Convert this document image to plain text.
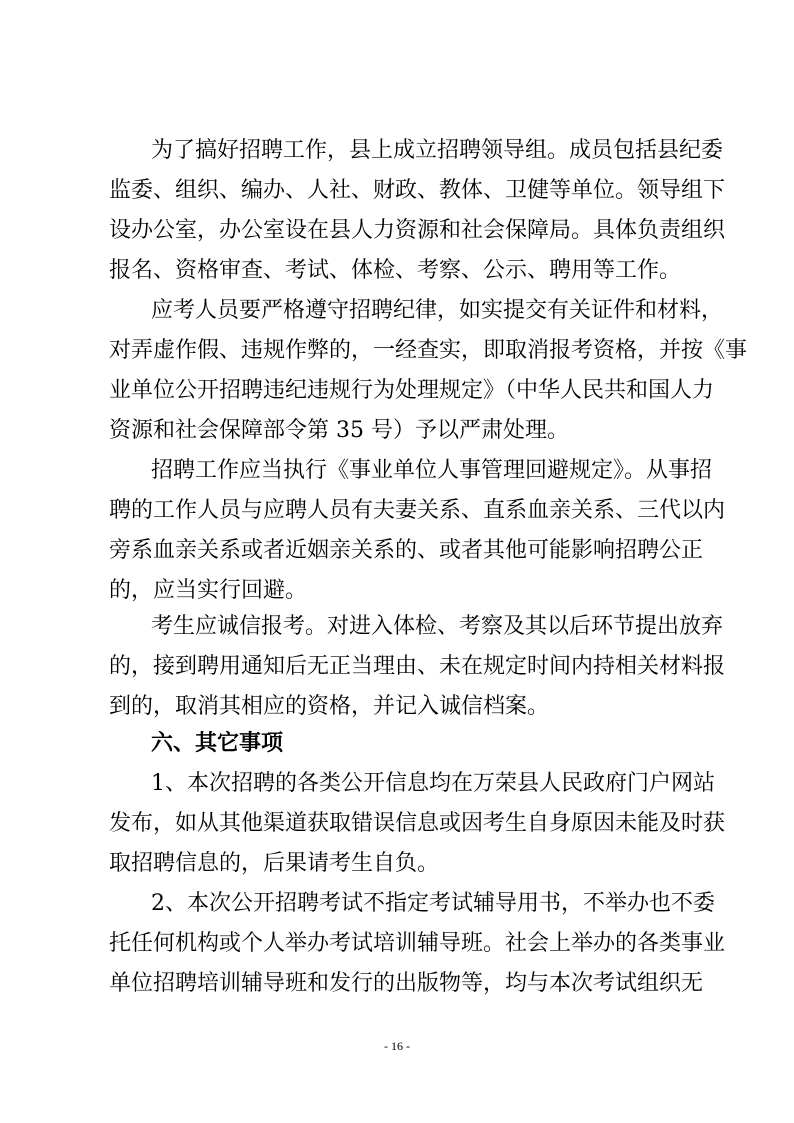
为了搞好招聘工作，县上成立招聘领导组。成员包括县纪委
监委、组织、编办、人社、财政、教体、卫健等单位。领导组下
设办公室，办公室设在县人力资源和社会保障局。具体负责组织
报名、资格审查、考试、体检、考察、公示、聘用等工作。
应考人员要严格遵守招聘纪律，如实提交有关证件和材料，
对弄虚作假、违规作弊的，一经查实，即取消报考资格，并按《事
业单位公开招聘违纪违规行为处理规定》（中华人民共和国人力
资源和社会保障部令第 35 号）予以严肃处理。
招聘工作应当执行《事业单位人事管理回避规定》。从事招
聘的工作人员与应聘人员有夫妻关系、直系血亲关系、三代以内
旁系血亲关系或者近姻亲关系的、或者其他可能影响招聘公正
的，应当实行回避。
考生应诚信报考。对进入体检、考察及其以后环节提出放弃
的，接到聘用通知后无正当理由、未在规定时间内持相关材料报
到的，取消其相应的资格，并记入诚信档案。
六、其它事项
1、本次招聘的各类公开信息均在万荣县人民政府门户网站
发布，如从其他渠道获取错误信息或因考生自身原因未能及时获
取招聘信息的，后果请考生自负。
2、本次公开招聘考试不指定考试辅导用书，不举办也不委
托任何机构或个人举办考试培训辅导班。社会上举办的各类事业
单位招聘培训辅导班和发行的出版物等，均与本次考试组织无
- 16 -
